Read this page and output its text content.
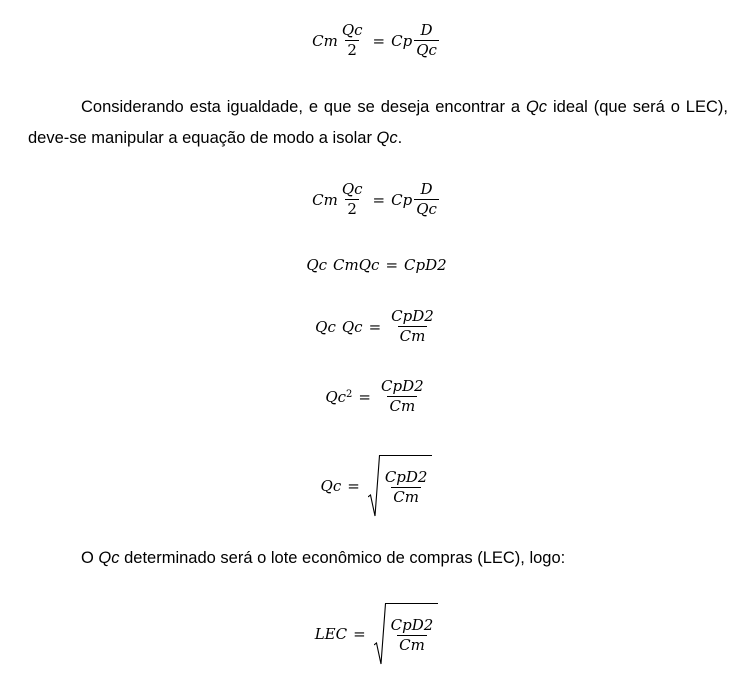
Cm $\frac{Qc}{2} = Cp \frac{D}{Qc}$

Considerando esta igualdade, e que se deseja encontrar a Qc ideal (que será o LEC), deve-se manipular a equação de modo a isolar Qc.

Cm $\frac{Qc}{2} = Cp \frac{D}{Qc}$
Qc CmQc = CpD2
Qc $Qc = \frac{\text{CpD2}}{Cm}$
$Qc^2 = \frac{\text{CpD2}}{Cm}$
$Qc = \frac{\text{CpD2}}{Cm}$

O Qc determinado será o lote econômico de compras (LEC), logo:

LEC = $\frac{\text{CpD2}}{Cm}$
